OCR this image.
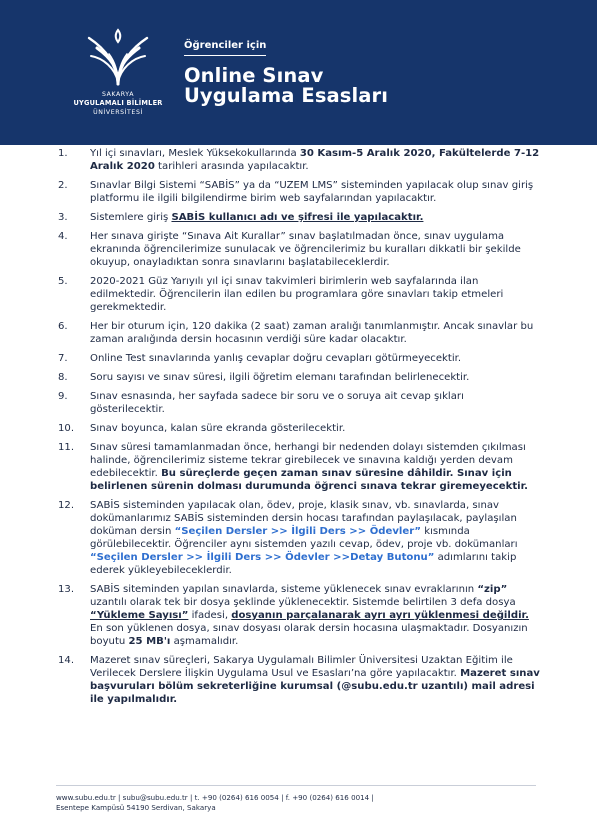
SAKARYA
UYGULAMALI BİLİMLER
ÜNİVERSİTESİ
Öğrenciler için
Online Sınav
Uygulama Esasları
1. Yıl içi sınavları, Meslek Yüksekokullarında 30 Kasım-5 Aralık 2020, Fakültelerde 7-12 Aralık 2020 tarihleri arasında yapılacaktır.
2. Sınavlar Bilgi Sistemi “SABİS” ya da “UZEM LMS” sisteminden yapılacak olup sınav giriş platformu ile ilgili bilgilendirme birim web sayfalarından yapılacaktır.
3. Sistemlere giriş SABİS kullanıcı adı ve şifresi ile yapılacaktır.
4. Her sınava girişte “Sınava Ait Kurallar” sınav başlatılmadan önce, sınav uygulama ekranında öğrencilerimize sunulacak ve öğrencilerimiz bu kuralları dikkatli bir şekilde okuyup, onayladıktan sonra sınavlarını başlatabileceklerdir.
5. 2020-2021 Güz Yarıyılı yıl içi sınav takvimleri birimlerin web sayfalarında ilan edilmektedir. Öğrencilerin ilan edilen bu programlara göre sınavları takip etmeleri gerekmektedir.
6. Her bir oturum için, 120 dakika (2 saat) zaman aralığı tanımlanmıştır. Ancak sınavlar bu zaman aralığında dersin hocasının verdiği süre kadar olacaktır.
7. Online Test sınavlarında yanlış cevaplar doğru cevapları götürmeyecektir.
8. Soru sayısı ve sınav süresi, ilgili öğretim elemanı tarafından belirlenecektir.
9. Sınav esnasında, her sayfada sadece bir soru ve o soruya ait cevap şıkları gösterilecektir.
10. Sınav boyunca, kalan süre ekranda gösterilecektir.
11. Sınav süresi tamamlanmadan önce, herhangi bir nedenden dolayı sistemden çıkılması halinde, öğrencilerimiz sisteme tekrar girebilecek ve sınavına kaldığı yerden devam edebilecektir. Bu süreçlerde geçen zaman sınav süresine dâhildir. Sınav için belirlenen sürenin dolması durumunda öğrenci sınava tekrar giremeyecektir.
12. SABİS sisteminden yapılacak olan, ödev, proje, klasik sınav, vb. sınavlarda, sınav dokümanlarımız SABİS sisteminden dersin hocası tarafından paylaşılacak, paylaşılan doküman dersin “Seçilen Dersler >> İlgili Ders >> Ödevler” kısmında görülebilecektir. Öğrenciler aynı sistemden yazılı cevap, ödev, proje vb. dokümanları “Seçilen Dersler >> İlgili Ders >> Ödevler >>Detay Butonu” adımlarını takip ederek yükleyebileceklerdir.
13. SABİS siteminden yapılan sınavlarda, sisteme yüklenecek sınav evraklarının “zip” uzantılı olarak tek bir dosya şeklinde yüklenecektir. Sistemde belirtilen 3 defa dosya “Yükleme Sayısı” ifadesi, dosyanın parçalanarak ayrı ayrı yüklenmesi değildir. En son yüklenen dosya, sınav dosyası olarak dersin hocasına ulaşmaktadır. Dosyanızın boyutu 25 MB'ı aşmamalıdır.
14. Mazeret sınav süreçleri, Sakarya Uygulamalı Bilimler Üniversitesi Uzaktan Eğitim ile Verilecek Derslere İlişkin Uygulama Usul ve Esasları’na göre yapılacaktır. Mazeret sınav başvuruları bölüm sekreterliğine kurumsal (@subu.edu.tr uzantılı) mail adresi ile yapılmalıdır.
www.subu.edu.tr | subu@subu.edu.tr | t. +90 (0264) 616 0054 | f. +90 (0264) 616 0014 |
Esentepe Kampüsü 54190 Serdivan, Sakarya
